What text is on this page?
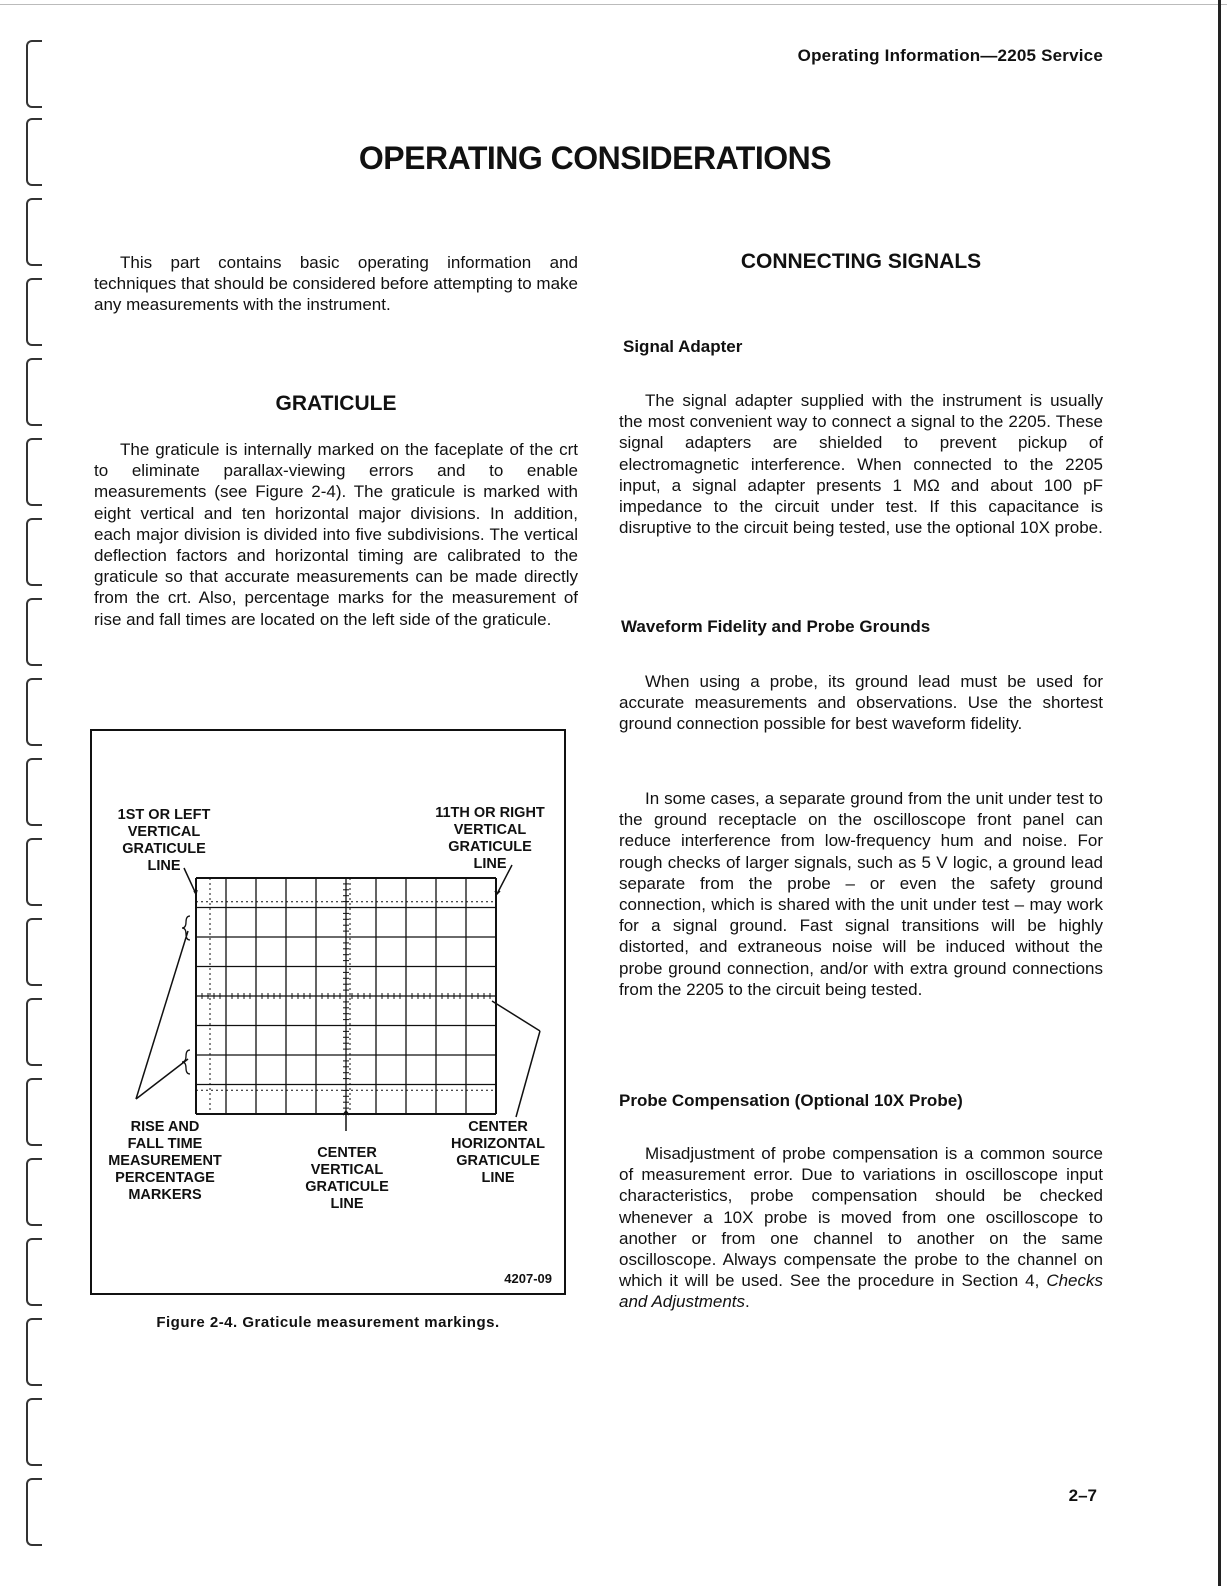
Operating Information—2205 Service

OPERATING CONSIDERATIONS

This part contains basic operating information and techniques that should be considered before attempting to make any measurements with the instrument.

GRATICULE

The graticule is internally marked on the faceplate of the crt to eliminate parallax-viewing errors and to enable measurements (see Figure 2-4). The graticule is marked with eight vertical and ten horizontal major divisions. In addition, each major division is divided into five subdivisions. The vertical deflection factors and horizontal timing are calibrated to the graticule so that accurate measurements can be made directly from the crt. Also, percentage marks for the measurement of rise and fall times are located on the left side of the graticule.

1ST OR LEFT
VERTICAL
GRATICULE
LINE

11TH OR RIGHT
VERTICAL
GRATICULE
LINE

RISE AND
FALL TIME
MEASUREMENT
PERCENTAGE
MARKERS

CENTER
VERTICAL
GRATICULE
LINE

CENTER
HORIZONTAL
GRATICULE
LINE

4207-09

Figure 2-4. Graticule measurement markings.

CONNECTING SIGNALS
Signal Adapter

The signal adapter supplied with the instrument is usually the most convenient way to connect a signal to the 2205. These signal adapters are shielded to prevent pickup of electromagnetic interference. When connected to the 2205 input, a signal adapter presents 1 MΩ and about 100 pF impedance to the circuit under test. If this capacitance is disruptive to the circuit being tested, use the optional 10X probe.

Waveform Fidelity and Probe Grounds

When using a probe, its ground lead must be used for accurate measurements and observations. Use the shortest ground connection possible for best waveform fidelity.

In some cases, a separate ground from the unit under test to the ground receptacle on the oscilloscope front panel can reduce interference from low-frequency hum and noise. For rough checks of larger signals, such as 5 V logic, a ground lead separate from the probe – or even the safety ground connection, which is shared with the unit under test – may work for a signal ground. Fast signal transitions will be highly distorted, and extraneous noise will be induced without the probe ground connection, and/or with extra ground connections from the 2205 to the circuit being tested.

Probe Compensation (Optional 10X Probe)

Misadjustment of probe compensation is a common source of measurement error. Due to variations in oscilloscope input characteristics, probe compensation should be checked whenever a 10X probe is moved from one oscilloscope to another or from one channel to another on the same oscilloscope. Always compensate the probe to the channel on which it will be used. See the procedure in Section 4, Checks and Adjustments.

2–7
